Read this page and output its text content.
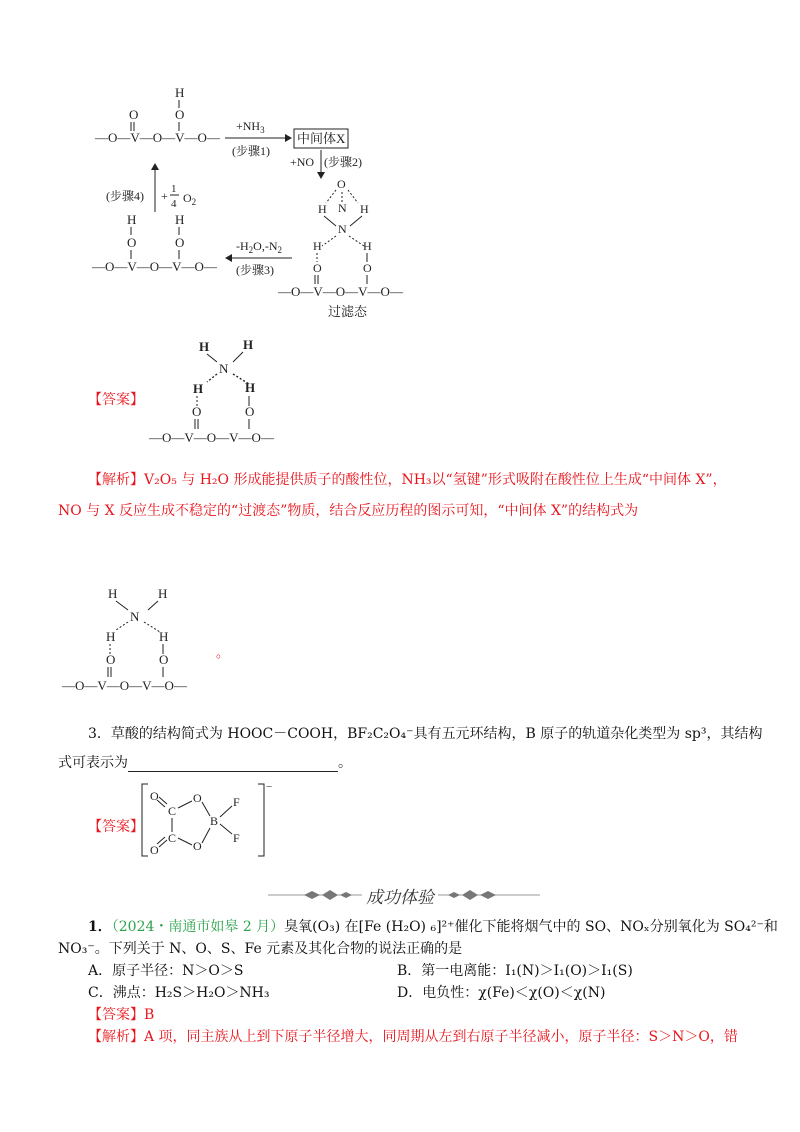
—O—V—O—V—O—
O
H
O
$+NH_3$
(步骤1)
中间体X
+NO (步骤2)
O
H N H
N
H	H
O	O
—O—V—O—V—O—
过滤态
$-H_2O,-N_2$
(步骤3)
H
O
H
O
—O—V—O—V—O—
(步骤4) + 1
4 $O_2$
【答案】
H	H
N
H	H
O	O
—O—V—O—V—O—
【解析】V₂O₅ 与 H₂O 形成能提供质子的酸性位，NH₃以“氢键”形式吸附在酸性位上生成“中间体 X”，
NO 与 X 反应生成不稳定的“过渡态”物质，结合反应历程的图示可知，“中间体 X”的结构式为
H	H
N
H	H
O	O
—O—V—O—V—O—
。
3．草酸的结构简式为 HOOC－COOH，BF₂C₂O₄⁻具有五元环结构，B 原子的轨道杂化类型为 sp³，其结构
式可表示为	。
【答案】
−
O
C
O
B
F
F
C
O
O
成功体验
1．（2024・南通市如皋 2 月）臭氧(O₃) 在[Fe (H₂O) ₆]²⁺催化下能将烟气中的 SO、NOₓ分别氧化为 SO₄²⁻和
NO₃⁻。下列关于 N、O、S、Fe 元素及其化合物的说法正确的是
A．原子半径：N＞O＞S	B．第一电离能：I₁(N)＞I₁(O)＞I₁(S)
C．沸点：H₂S＞H₂O＞NH₃	D．电负性：χ(Fe)＜χ(O)＜χ(N)
【答案】B
【解析】A 项，同主族从上到下原子半径增大，同周期从左到右原子半径减小，原子半径：S＞N＞O，错
